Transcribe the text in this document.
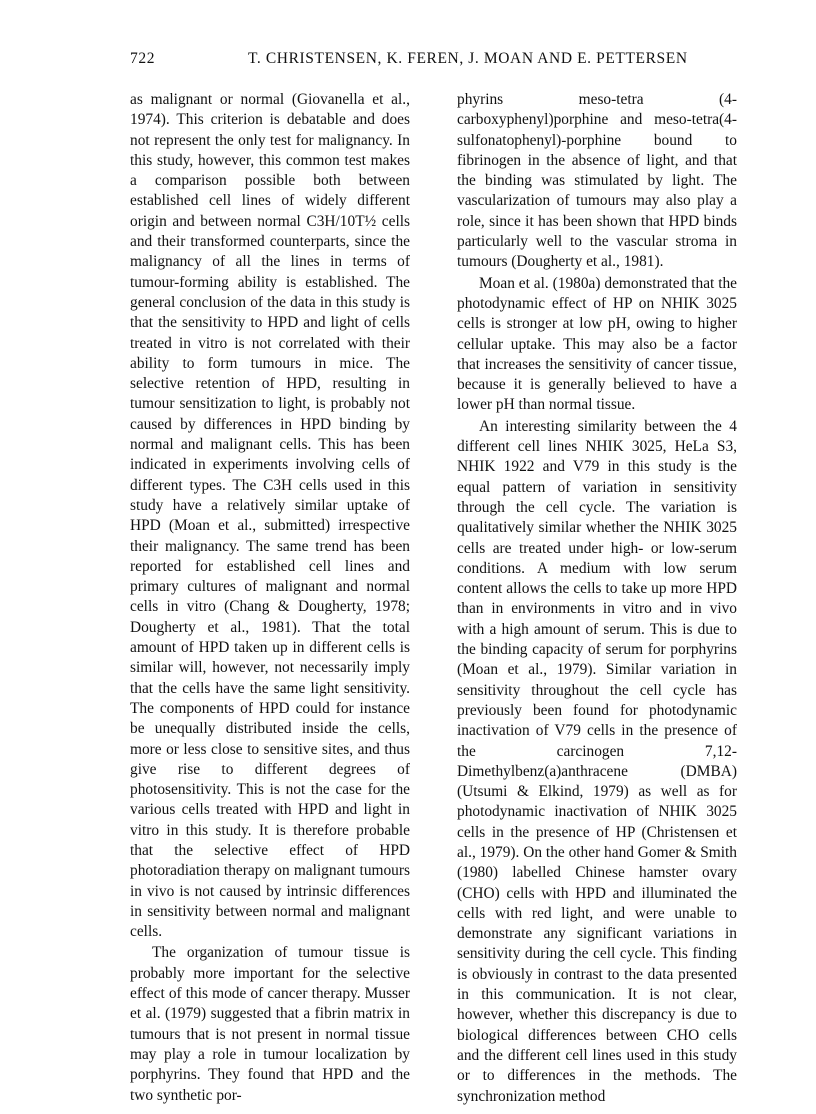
722	T. CHRISTENSEN, K. FEREN, J. MOAN AND E. PETTERSEN

as malignant or normal (Giovanella et al., 1974). This criterion is debatable and does not represent the only test for malignancy. In this study, however, this common test makes a comparison possible both between established cell lines of widely different origin and between normal C3H/10T½ cells and their transformed counterparts, since the malignancy of all the lines in terms of tumour-forming ability is established. The general conclusion of the data in this study is that the sensitivity to HPD and light of cells treated in vitro is not correlated with their ability to form tumours in mice. The selective retention of HPD, resulting in tumour sensitization to light, is probably not caused by differences in HPD binding by normal and malignant cells. This has been indicated in experiments involving cells of different types. The C3H cells used in this study have a relatively similar uptake of HPD (Moan et al., submitted) irrespective their malignancy. The same trend has been reported for established cell lines and primary cultures of malignant and normal cells in vitro (Chang & Dougherty, 1978; Dougherty et al., 1981). That the total amount of HPD taken up in different cells is similar will, however, not necessarily imply that the cells have the same light sensitivity. The components of HPD could for instance be unequally distributed inside the cells, more or less close to sensitive sites, and thus give rise to different degrees of photosensitivity. This is not the case for the various cells treated with HPD and light in vitro in this study. It is therefore probable that the selective effect of HPD photoradiation therapy on malignant tumours in vivo is not caused by intrinsic differences in sensitivity between normal and malignant cells.

The organization of tumour tissue is probably more important for the selective effect of this mode of cancer therapy. Musser et al. (1979) suggested that a fibrin matrix in tumours that is not present in normal tissue may play a role in tumour localization by porphyrins. They found that HPD and the two synthetic por-

phyrins meso-tetra (4-carboxyphenyl)porphine and meso-tetra(4-sulfonatophenyl)-porphine bound to fibrinogen in the absence of light, and that the binding was stimulated by light. The vascularization of tumours may also play a role, since it has been shown that HPD binds particularly well to the vascular stroma in tumours (Dougherty et al., 1981).

Moan et al. (1980a) demonstrated that the photodynamic effect of HP on NHIK 3025 cells is stronger at low pH, owing to higher cellular uptake. This may also be a factor that increases the sensitivity of cancer tissue, because it is generally believed to have a lower pH than normal tissue.

An interesting similarity between the 4 different cell lines NHIK 3025, HeLa S3, NHIK 1922 and V79 in this study is the equal pattern of variation in sensitivity through the cell cycle. The variation is qualitatively similar whether the NHIK 3025 cells are treated under high- or low-serum conditions. A medium with low serum content allows the cells to take up more HPD than in environments in vitro and in vivo with a high amount of serum. This is due to the binding capacity of serum for porphyrins (Moan et al., 1979). Similar variation in sensitivity throughout the cell cycle has previously been found for photodynamic inactivation of V79 cells in the presence of the carcinogen 7,12-Dimethylbenz(a)anthracene (DMBA) (Utsumi & Elkind, 1979) as well as for photodynamic inactivation of NHIK 3025 cells in the presence of HP (Christensen et al., 1979). On the other hand Gomer & Smith (1980) labelled Chinese hamster ovary (CHO) cells with HPD and illuminated the cells with red light, and were unable to demonstrate any significant variations in sensitivity during the cell cycle. This finding is obviously in contrast to the data presented in this communication. It is not clear, however, whether this discrepancy is due to biological differences between CHO cells and the different cell lines used in this study or to differences in the methods. The synchronization method
